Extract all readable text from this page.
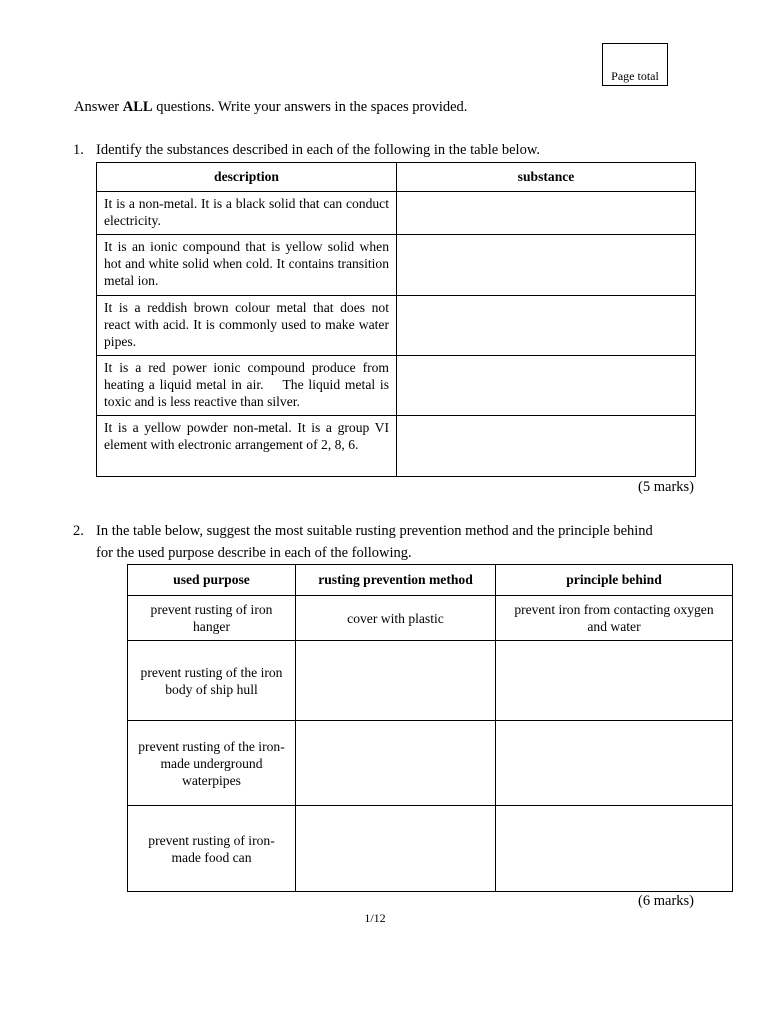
Page total
Answer ALL questions. Write your answers in the spaces provided.
1. Identify the substances described in each of the following in the table below.
description	substance
It is a non-metal. It is a black solid that can conduct electricity.	
It is an ionic compound that is yellow solid when hot and white solid when cold. It contains transition metal ion.	
It is a reddish brown colour metal that does not react with acid. It is commonly used to make water pipes.	
It is a red power ionic compound produce from heating a liquid metal in air.    The liquid metal is toxic and is less reactive than silver.	
It is a yellow powder non-metal. It is a group VI element with electronic arrangement of 2, 8, 6.	
(5 marks)
2. In the table below, suggest the most suitable rusting prevention method and the principle behind
for the used purpose describe in each of the following.
used purpose	rusting prevention method	principle behind
prevent rusting of iron hanger	cover with plastic	prevent iron from contacting oxygen and water
prevent rusting of the iron body of ship hull		
prevent rusting of the iron-made underground waterpipes		
prevent rusting of iron-made food can		
(6 marks)
1/12
